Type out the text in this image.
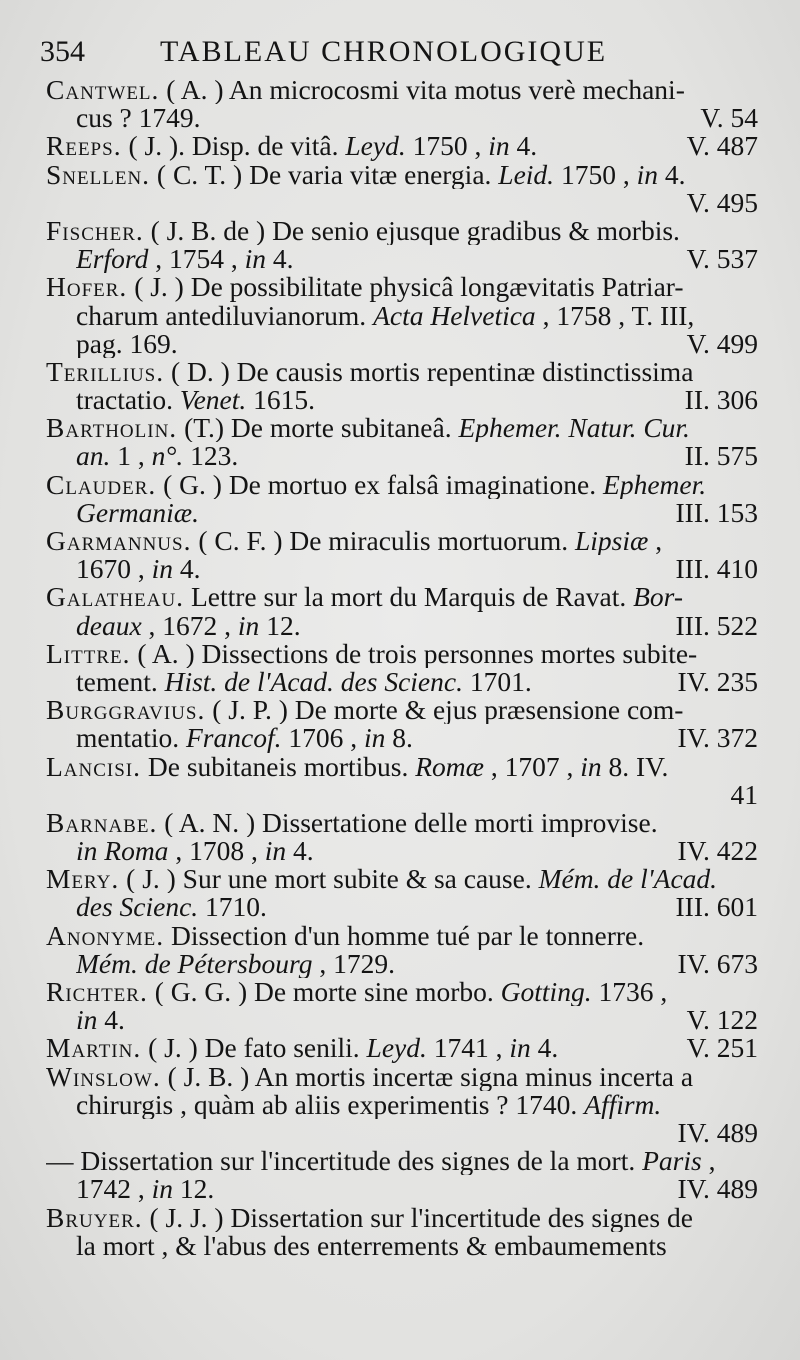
354	TABLEAU CHRONOLOGIQUE
Cantwel. ( A. ) An microcosmi vita motus verè mechani-
cus ? 1749.	V. 54
Reeps. ( J. ). Disp. de vitâ. Leyd. 1750 , in 4.	V. 487
Snellen. ( C. T. ) De varia vitæ energia. Leid. 1750 , in 4.
V. 495
Fischer. ( J. B. de ) De senio ejusque gradibus & morbis.
Erford , 1754 , in 4.	V. 537
Hofer. ( J. ) De possibilitate physicâ longævitatis Patriar-
charum antediluvianorum. Acta Helvetica , 1758 , T. III,
pag. 169.	V. 499
Terillius. ( D. ) De causis mortis repentinæ distinctissima
tractatio. Venet. 1615.	II. 306
Bartholin. (T.) De morte subitaneâ. Ephemer. Natur. Cur.
an. 1 , n°. 123.	II. 575
Clauder. ( G. ) De mortuo ex falsâ imaginatione. Ephemer.
Germaniæ.	III. 153
Garmannus. ( C. F. ) De miraculis mortuorum. Lipsiæ ,
1670 , in 4.	III. 410
Galatheau. Lettre sur la mort du Marquis de Ravat. Bor-
deaux , 1672 , in 12.	III. 522
Littre. ( A. ) Dissections de trois personnes mortes subite-
tement. Hist. de l'Acad. des Scienc. 1701.	IV. 235
Burggravius. ( J. P. ) De morte & ejus præsensione com-
mentatio. Francof. 1706 , in 8.	IV. 372
Lancisi. De subitaneis mortibus. Romæ , 1707 , in 8. IV.
41
Barnabe. ( A. N. ) Dissertatione delle morti improvise.
in Roma , 1708 , in 4.	IV. 422
Mery. ( J. ) Sur une mort subite & sa cause. Mém. de l'Acad.
des Scienc. 1710.	III. 601
Anonyme. Dissection d'un homme tué par le tonnerre.
Mém. de Pétersbourg , 1729.	IV. 673
Richter. ( G. G. ) De morte sine morbo. Gotting. 1736 ,
in 4.	V. 122
Martin. ( J. ) De fato senili. Leyd. 1741 , in 4.	V. 251
Winslow. ( J. B. ) An mortis incertæ signa minus incerta a
chirurgis , quàm ab aliis experimentis ? 1740. Affirm.
IV. 489
— Dissertation sur l'incertitude des signes de la mort. Paris ,
1742 , in 12.	IV. 489
Bruyer. ( J. J. ) Dissertation sur l'incertitude des signes de
la mort , & l'abus des enterrements & embaumements
